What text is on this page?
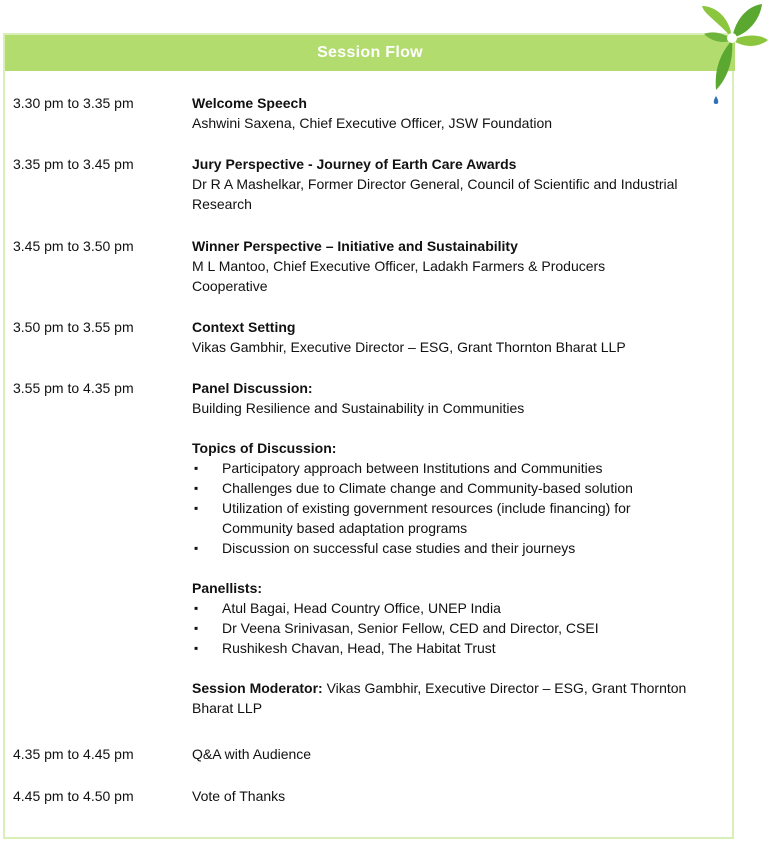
Session Flow
3.30 pm to 3.35 pm	Welcome Speech
Ashwini Saxena, Chief Executive Officer, JSW Foundation
3.35 pm to 3.45 pm	Jury Perspective - Journey of Earth Care Awards
Dr R A Mashelkar, Former Director General, Council of Scientific and Industrial
Research
3.45 pm to 3.50 pm	Winner Perspective – Initiative and Sustainability
M L Mantoo, Chief Executive Officer, Ladakh Farmers & Producers
Cooperative
3.50 pm to 3.55 pm	Context Setting
Vikas Gambhir, Executive Director – ESG, Grant Thornton Bharat LLP
3.55 pm to 4.35 pm	Panel Discussion:
Building Resilience and Sustainability in Communities
Topics of Discussion:
▪ Participatory approach between Institutions and Communities
▪ Challenges due to Climate change and Community-based solution
▪ Utilization of existing government resources (include financing) for
Community based adaptation programs
▪ Discussion on successful case studies and their journeys
Panellists:
▪ Atul Bagai, Head Country Office, UNEP India
▪ Dr Veena Srinivasan, Senior Fellow, CED and Director, CSEI
▪ Rushikesh Chavan, Head, The Habitat Trust
Session Moderator: Vikas Gambhir, Executive Director – ESG, Grant Thornton
Bharat LLP
4.35 pm to 4.45 pm	Q&A with Audience
4.45 pm to 4.50 pm	Vote of Thanks
